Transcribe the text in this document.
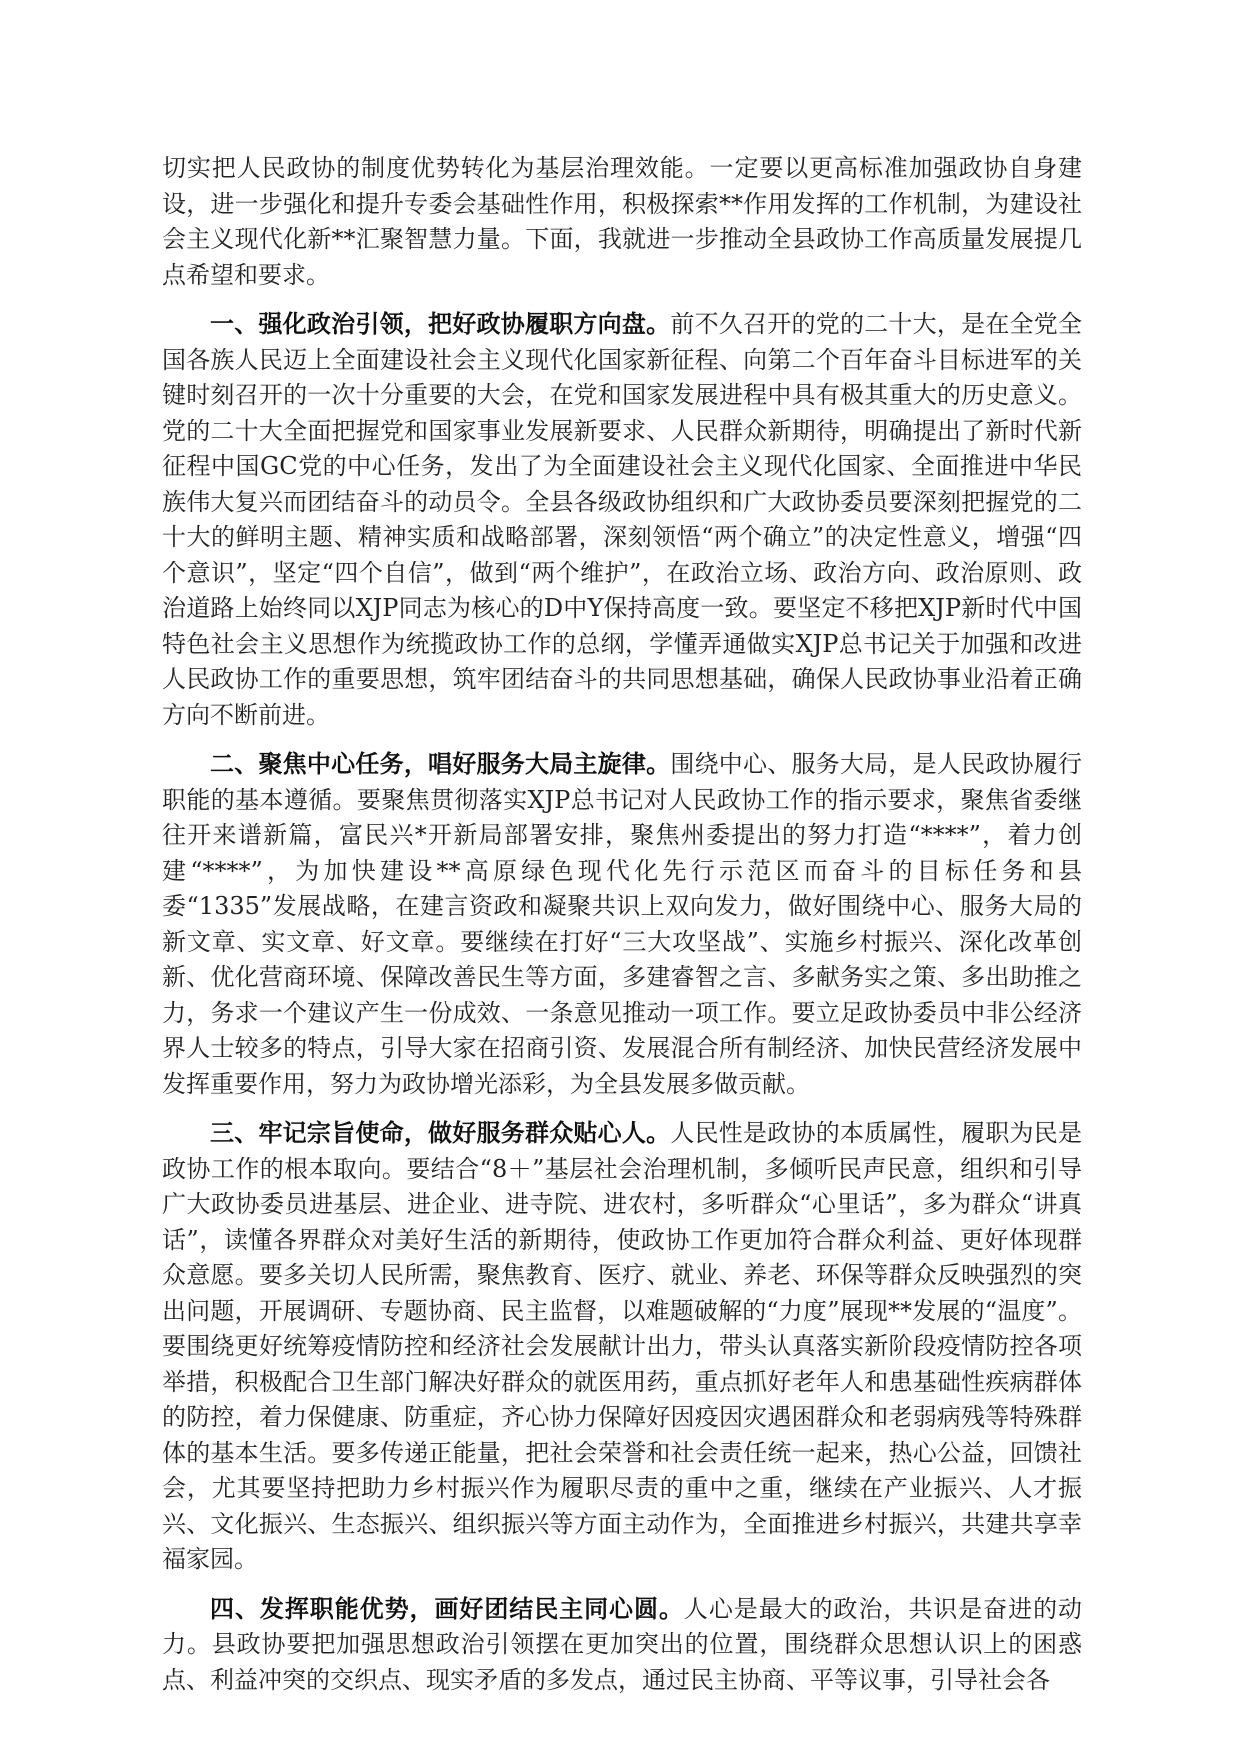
切实把人民政协的制度优势转化为基层治理效能。一定要以更高标准加强政协自身建设，进一步强化和提升专委会基础性作用，积极探索**作用发挥的工作机制，为建设社会主义现代化新**汇聚智慧力量。下面，我就进一步推动全县政协工作高质量发展提几点希望和要求。

一、强化政治引领，把好政协履职方向盘。前不久召开的党的二十大，是在全党全国各族人民迈上全面建设社会主义现代化国家新征程、向第二个百年奋斗目标进军的关键时刻召开的一次十分重要的大会，在党和国家发展进程中具有极其重大的历史意义。党的二十大全面把握党和国家事业发展新要求、人民群众新期待，明确提出了新时代新征程中国GC党的中心任务，发出了为全面建设社会主义现代化国家、全面推进中华民族伟大复兴而团结奋斗的动员令。全县各级政协组织和广大政协委员要深刻把握党的二十大的鲜明主题、精神实质和战略部署，深刻领悟“两个确立”的决定性意义，增强“四个意识”，坚定“四个自信”，做到“两个维护”，在政治立场、政治方向、政治原则、政治道路上始终同以XJP同志为核心的D中Y保持高度一致。要坚定不移把XJP新时代中国特色社会主义思想作为统揽政协工作的总纲，学懂弄通做实XJP总书记关于加强和改进人民政协工作的重要思想，筑牢团结奋斗的共同思想基础，确保人民政协事业沿着正确方向不断前进。

二、聚焦中心任务，唱好服务大局主旋律。围绕中心、服务大局，是人民政协履行职能的基本遵循。要聚焦贯彻落实XJP总书记对人民政协工作的指示要求，聚焦省委继往开来谱新篇，富民兴*开新局部署安排，聚焦州委提出的努力打造“****”，着力创建“****”，为加快建设**高原绿色现代化先行示范区而奋斗的目标任务和县委“1335”发展战略，在建言资政和凝聚共识上双向发力，做好围绕中心、服务大局的新文章、实文章、好文章。要继续在打好“三大攻坚战”、实施乡村振兴、深化改革创新、优化营商环境、保障改善民生等方面，多建睿智之言、多献务实之策、多出助推之力，务求一个建议产生一份成效、一条意见推动一项工作。要立足政协委员中非公经济界人士较多的特点，引导大家在招商引资、发展混合所有制经济、加快民营经济发展中发挥重要作用，努力为政协增光添彩，为全县发展多做贡献。

三、牢记宗旨使命，做好服务群众贴心人。人民性是政协的本质属性，履职为民是政协工作的根本取向。要结合“8＋”基层社会治理机制，多倾听民声民意，组织和引导广大政协委员进基层、进企业、进寺院、进农村，多听群众“心里话”，多为群众“讲真话”，读懂各界群众对美好生活的新期待，使政协工作更加符合群众利益、更好体现群众意愿。要多关切人民所需，聚焦教育、医疗、就业、养老、环保等群众反映强烈的突出问题，开展调研、专题协商、民主监督，以难题破解的“力度”展现**发展的“温度”。要围绕更好统筹疫情防控和经济社会发展献计出力，带头认真落实新阶段疫情防控各项举措，积极配合卫生部门解决好群众的就医用药，重点抓好老年人和患基础性疾病群体的防控，着力保健康、防重症，齐心协力保障好因疫因灾遇困群众和老弱病残等特殊群体的基本生活。要多传递正能量，把社会荣誉和社会责任统一起来，热心公益，回馈社会，尤其要坚持把助力乡村振兴作为履职尽责的重中之重，继续在产业振兴、人才振兴、文化振兴、生态振兴、组织振兴等方面主动作为，全面推进乡村振兴，共建共享幸福家园。

四、发挥职能优势，画好团结民主同心圆。人心是最大的政治，共识是奋进的动力。县政协要把加强思想政治引领摆在更加突出的位置，围绕群众思想认识上的困惑点、利益冲突的交织点、现实矛盾的多发点，通过民主协商、平等议事，引导社会各
